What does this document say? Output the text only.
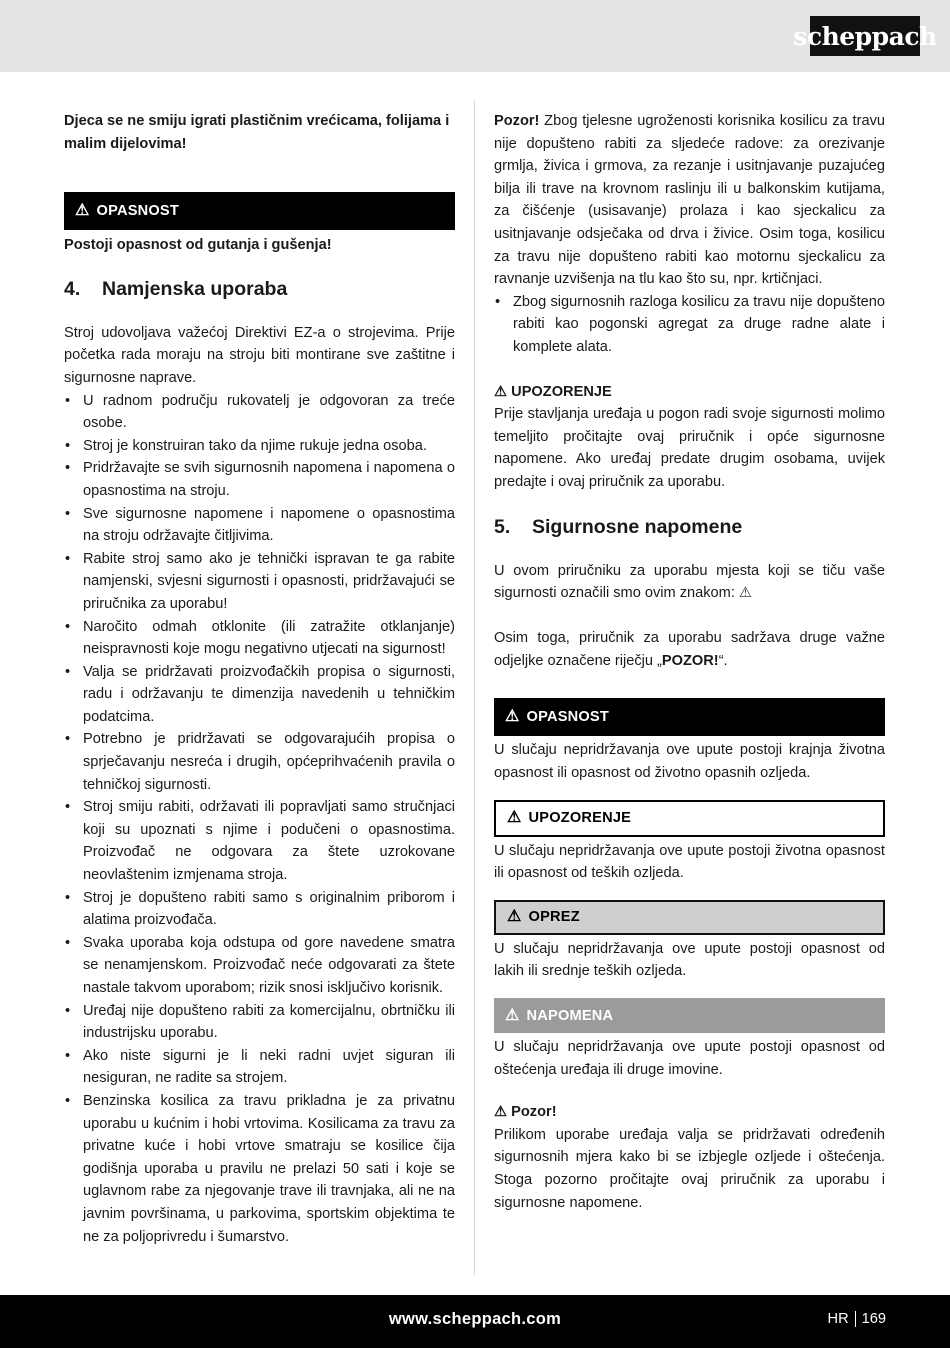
scheppach

Djeca se ne smiju igrati plastičnim vrećicama, folijama i malim dijelovima!

⚠ OPASNOST

Postoji opasnost od gutanja i gušenja!

4. Namjenska uporaba

Stroj udovoljava važećoj Direktivi EZ-a o strojevima. Prije početka rada moraju na stroju biti montirane sve zaštitne i sigurnosne naprave.

• U radnom području rukovatelj je odgovoran za treće osobe.
• Stroj je konstruiran tako da njime rukuje jedna osoba.
• Pridržavajte se svih sigurnosnih napomena i napomena o opasnostima na stroju.
• Sve sigurnosne napomene i napomene o opasnostima na stroju održavajte čitljivima.
• Rabite stroj samo ako je tehnički ispravan te ga rabite namjenski, svjesni sigurnosti i opasnosti, pridržavajući se priručnika za uporabu!
• Naročito odmah otklonite (ili zatražite otklanjanje) neispravnosti koje mogu negativno utjecati na sigurnost!
• Valja se pridržavati proizvođačkih propisa o sigurnosti, radu i održavanju te dimenzija navedenih u tehničkim podatcima.
• Potrebno je pridržavati se odgovarajućih propisa o sprječavanju nesreća i drugih, općeprihvaćenih pravila o tehničkoj sigurnosti.
• Stroj smiju rabiti, održavati ili popravljati samo stručnjaci koji su upoznati s njime i podučeni o opasnostima. Proizvođač ne odgovara za štete uzrokovane neovlaštenim izmjenama stroja.
• Stroj je dopušteno rabiti samo s originalnim priborom i alatima proizvođača.
• Svaka uporaba koja odstupa od gore navedene smatra se nenamjenskom. Proizvođač neće odgovarati za štete nastale takvom uporabom; rizik snosi isključivo korisnik.
• Uređaj nije dopušteno rabiti za komercijalnu, obrtničku ili industrijsku uporabu.
• Ako niste sigurni je li neki radni uvjet siguran ili nesiguran, ne radite sa strojem.
• Benzinska kosilica za travu prikladna je za privatnu uporabu u kućnim i hobi vrtovima. Kosilicama za travu za privatne kuće i hobi vrtove smatraju se kosilice čija godišnja uporaba u pravilu ne prelazi 50 sati i koje se uglavnom rabe za njegovanje trave ili travnjaka, ali ne na javnim površinama, u parkovima, sportskim objektima te ne za poljoprivredu i šumarstvo.

Pozor! Zbog tjelesne ugroženosti korisnika kosilicu za travu nije dopušteno rabiti za sljedeće radove: za orezivanje grmlja, živica i grmova, za rezanje i usitnjavanje puzajućeg bilja ili trave na krovnom raslinju ili u balkonskim kutijama, za čišćenje (usisavanje) prolaza i kao sjeckalicu za usitnjavanje odsječaka od drva i živice. Osim toga, kosilicu za travu nije dopušteno rabiti kao motornu sjeckalicu za ravnanje uzvišenja na tlu kao što su, npr. krtičnjaci.

• Zbog sigurnosnih razloga kosilicu za travu nije dopušteno rabiti kao pogonski agregat za druge radne alate i komplete alata.

⚠ UPOZORENJE

Prije stavljanja uređaja u pogon radi svoje sigurnosti molimo temeljito pročitajte ovaj priručnik i opće sigurnosne napomene. Ako uređaj predate drugim osobama, uvijek predajte i ovaj priručnik za uporabu.

5. Sigurnosne napomene

U ovom priručniku za uporabu mjesta koji se tiču vaše sigurnosti označili smo ovim znakom: ⚠

Osim toga, priručnik za uporabu sadržava druge važne odjeljke označene riječju „POZOR!“.

⚠ OPASNOST

U slučaju nepridržavanja ove upute postoji krajnja životna opasnost ili opasnost od životno opasnih ozljeda.

⚠ UPOZORENJE

U slučaju nepridržavanja ove upute postoji životna opasnost ili opasnost od teških ozljeda.

⚠ OPREZ

U slučaju nepridržavanja ove upute postoji opasnost od lakih ili srednje teških ozljeda.

⚠ NAPOMENA

U slučaju nepridržavanja ove upute postoji opasnost od oštećenja uređaja ili druge imovine.

⚠ Pozor!

Prilikom uporabe uređaja valja se pridržavati određenih sigurnosnih mjera kako bi se izbjegle ozljede i oštećenja. Stoga pozorno pročitajte ovaj priručnik za uporabu i sigurnosne napomene.

www.scheppach.com	HR 169
